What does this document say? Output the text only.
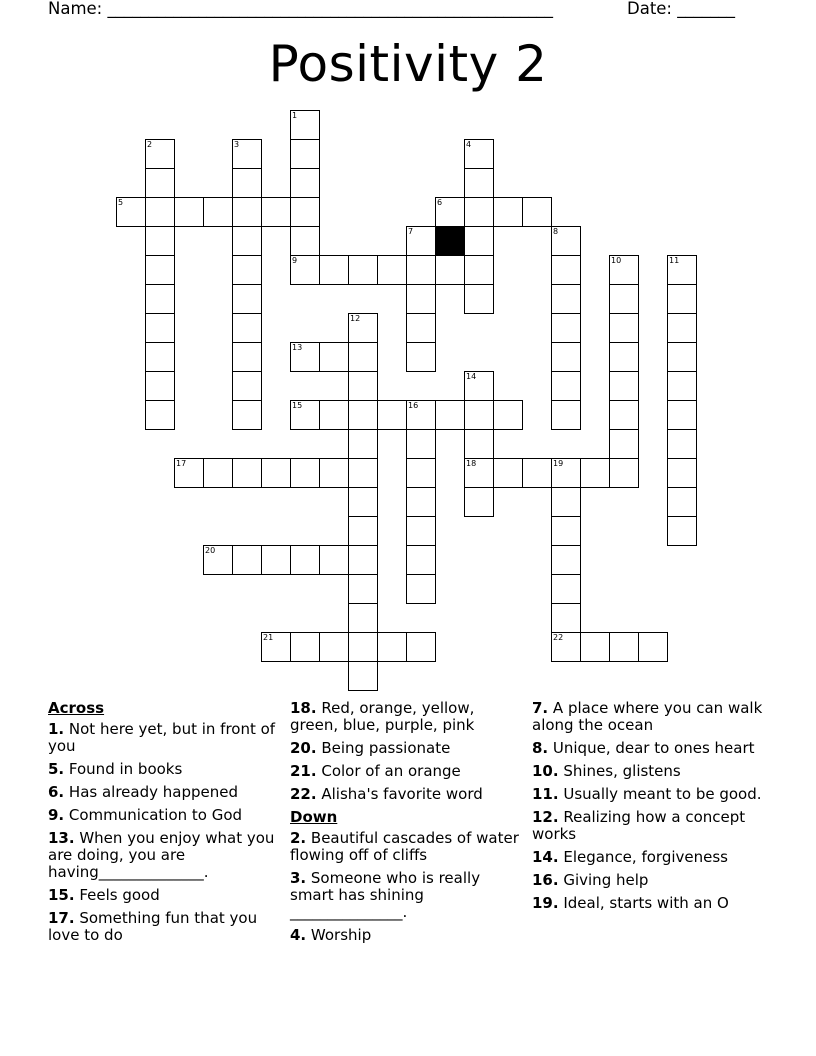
Name: ______________________________________________________	Date: _______
Positivity 2
1
9
2	3	4
5	6
7	8
10	11
12
13
14
15	16
17	18	19
20
21	22
Across
1. Not here yet, but in front of you
5. Found in books
6. Has already happened
9. Communication to God
13. When you enjoy what you are doing, you are having______________.
15. Feels good
17. Something fun that you love to do
18. Red, orange, yellow, green, blue, purple, pink
20. Being passionate
21. Color of an orange
22. Alisha's favorite word
Down
2. Beautiful cascades of water flowing off of cliffs
3. Someone who is really smart has shining _______________.
4. Worship
7. A place where you can walk along the ocean
8. Unique, dear to ones heart
10. Shines, glistens
11. Usually meant to be good.
12. Realizing how a concept works
14. Elegance, forgiveness
16. Giving help
19. Ideal, starts with an O
